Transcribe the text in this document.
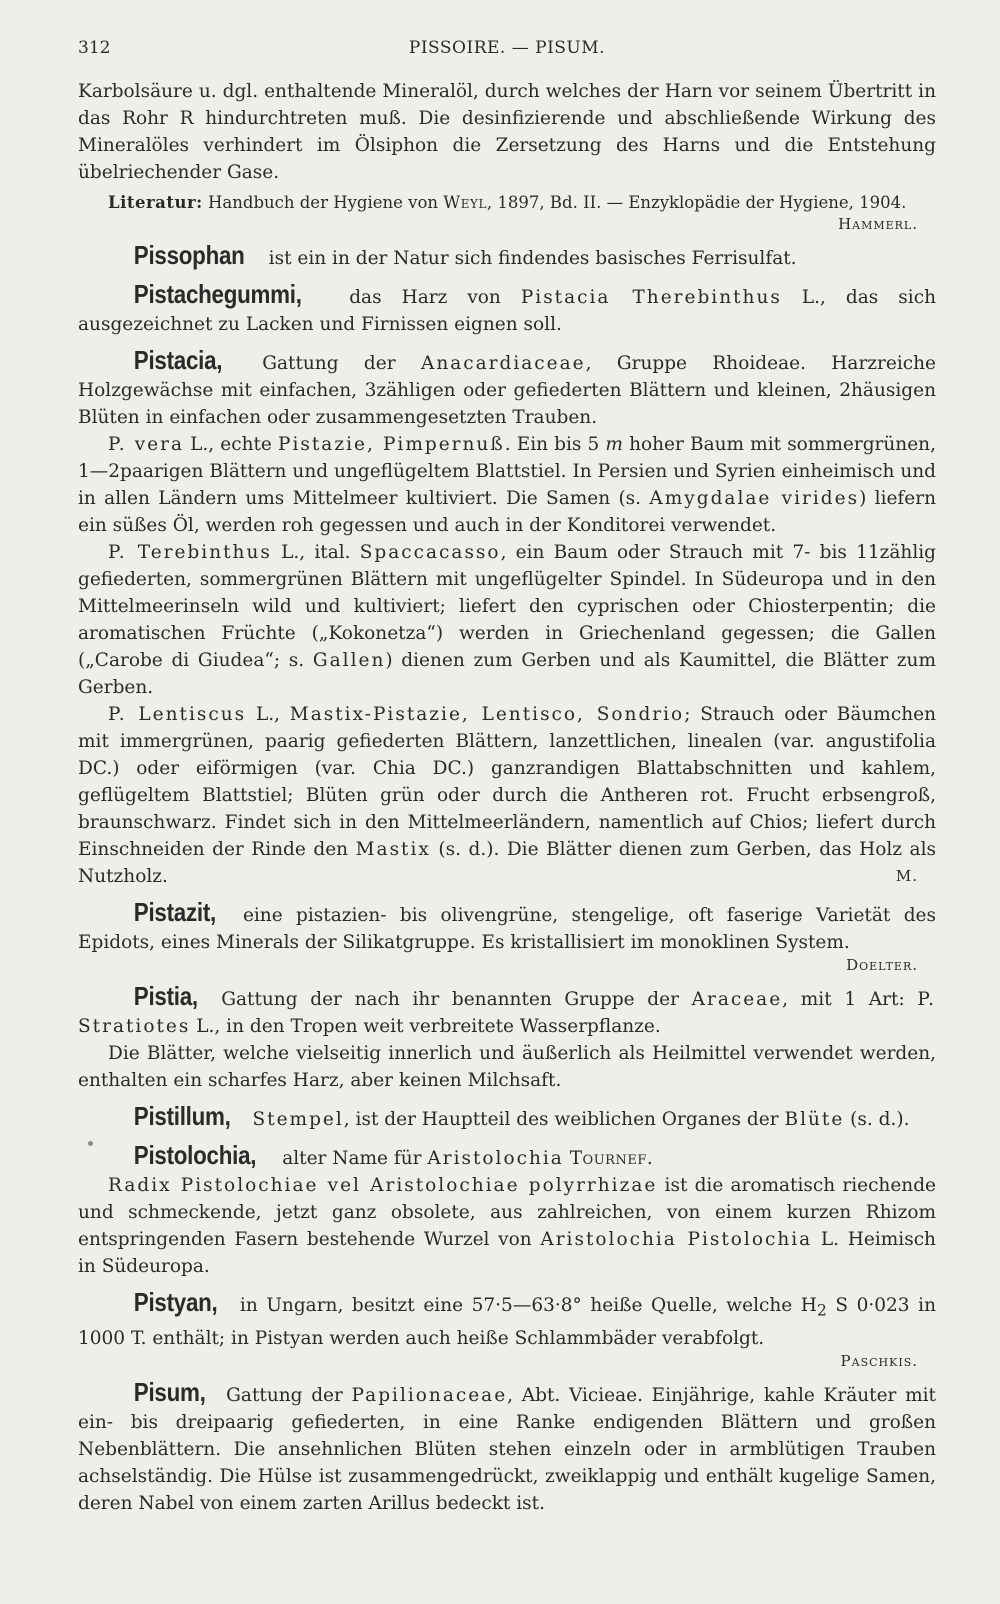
312	PISSOIRE. — PISUM.

Karbolsäure u. dgl. enthaltende Mineralöl, durch welches der Harn vor seinem Übertritt in das Rohr R hindurchtreten muß. Die desinfizierende und abschließende Wirkung des Mineralöles verhindert im Ölsiphon die Zersetzung des Harns und die Entstehung übelriechender Gase.

Literatur: Handbuch der Hygiene von Weyl, 1897, Bd. II. — Enzyklopädie der Hygiene, 1904.

Hammerl.

Pissophan ist ein in der Natur sich findendes basisches Ferrisulfat.

Pistachegummi,	das Harz von Pistacia Therebinthus L., das sich ausgezeichnet zu Lacken und Firnissen eignen soll.

Pistacia, Gattung der Anacardiaceae, Gruppe Rhoideae. Harzreiche Holzgewächse mit einfachen, 3zähligen oder gefiederten Blättern und kleinen, 2häusigen Blüten in einfachen oder zusammengesetzten Trauben.

P. vera L., echte Pistazie, Pimpernuß. Ein bis 5 m hoher Baum mit sommergrünen, 1—2paarigen Blättern und ungeflügeltem Blattstiel. In Persien und Syrien einheimisch und in allen Ländern ums Mittelmeer kultiviert. Die Samen (s. Amygdalae virides) liefern ein süßes Öl, werden roh gegessen und auch in der Konditorei verwendet.

P. Terebinthus L., ital. Spaccacasso, ein Baum oder Strauch mit 7- bis 11zählig gefiederten, sommergrünen Blättern mit ungeflügelter Spindel. In Südeuropa und in den Mittelmeerinseln wild und kultiviert; liefert den cyprischen oder Chiosterpentin; die aromatischen Früchte („Kokonetza“) werden in Griechenland gegessen; die Gallen („Carobe di Giudea“; s. Gallen) dienen zum Gerben und als Kaumittel, die Blätter zum Gerben.

P. Lentiscus L., Mastix-Pistazie, Lentisco, Sondrio; Strauch oder Bäumchen mit immergrünen, paarig gefiederten Blättern, lanzettlichen, linealen (var. angustifolia DC.) oder eiförmigen (var. Chia DC.) ganzrandigen Blattabschnitten und kahlem, geflügeltem Blattstiel; Blüten grün oder durch die Antheren rot. Frucht erbsengroß, braunschwarz. Findet sich in den Mittelmeerländern, namentlich auf Chios; liefert durch Einschneiden der Rinde den Mastix (s. d.). Die Blätter dienen zum Gerben, das Holz als Nutzholz.	M.

Pistazit, eine pistazien- bis olivengrüne, stengelige, oft faserige Varietät des Epidots, eines Minerals der Silikatgruppe. Es kristallisiert im monoklinen System.

Doelter.

Pistia, Gattung der nach ihr benannten Gruppe der Araceae, mit 1 Art: P. Stratiotes L., in den Tropen weit verbreitete Wasserpflanze.

Die Blätter, welche vielseitig innerlich und äußerlich als Heilmittel verwendet werden, enthalten ein scharfes Harz, aber keinen Milchsaft.

Pistillum, Stempel, ist der Hauptteil des weiblichen Organes der Blüte (s. d.).

Pistolochia, alter Name für Aristolochia Tournef.

Radix Pistolochiae vel Aristolochiae polyrrhizae ist die aromatisch riechende und schmeckende, jetzt ganz obsolete, aus zahlreichen, von einem kurzen Rhizom entspringenden Fasern bestehende Wurzel von Aristolochia Pistolochia L. Heimisch in Südeuropa.

Pistyan, in Ungarn, besitzt eine 57·5—63·8° heiße Quelle, welche $H_2$ S 0·023 in 1000 T. enthält; in Pistyan werden auch heiße Schlammbäder verabfolgt.

Paschkis.

Pisum, Gattung der Papilionaceae, Abt. Vicieae. Einjährige, kahle Kräuter mit ein- bis dreipaarig gefiederten, in eine Ranke endigenden Blättern und großen Nebenblättern. Die ansehnlichen Blüten stehen einzeln oder in armblütigen Trauben achselständig. Die Hülse ist zusammengedrückt, zweiklappig und enthält kugelige Samen, deren Nabel von einem zarten Arillus bedeckt ist.
